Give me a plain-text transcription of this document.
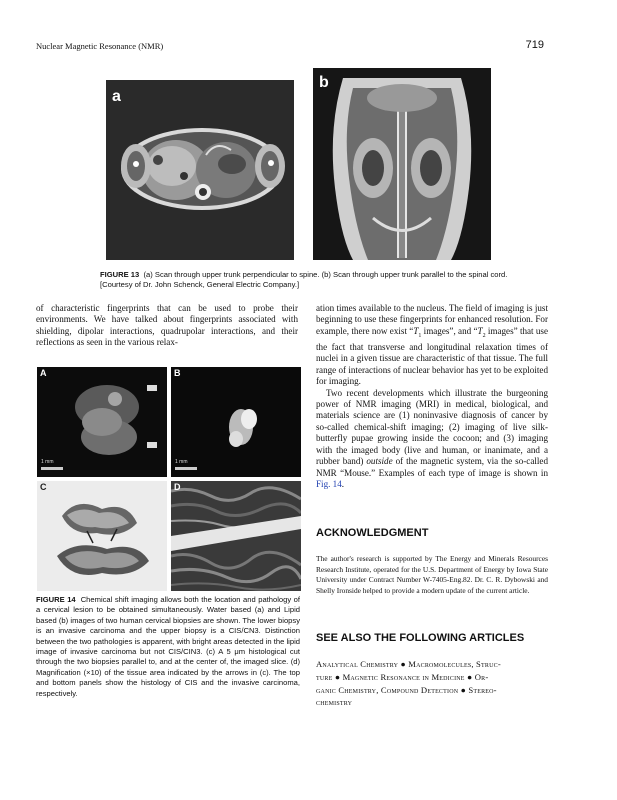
Nuclear Magnetic Resonance (NMR)	719
a
b
FIGURE 13 (a) Scan through upper trunk perpendicular to spine. (b) Scan through upper trunk parallel to the spinal cord. [Courtesy of Dr. John Schenck, General Electric Company.]

of characteristic fingerprints that can be used to probe their environments. We have talked about fingerprints associated with shielding, dipolar interactions, quadrupolar interactions, and their reflections as seen in the various relax-

A
1 mm
B
1 mm
C	D
FIGURE 14 Chemical shift imaging allows both the location and pathology of a cervical lesion to be obtained simultaneously. Water based (a) and Lipid based (b) images of two human cervical biopsies are shown. The lower biopsy is an invasive carcinoma and the upper biopsy is a CIS/CN3. Distinction between the two pathologies is apparent, with bright areas detected in the lipid image of invasive carcinoma but not CIS/CIN3. (c) A 5 μm histological cut through the two biopsies parallel to, and at the center of, the imaged slice. (d) Magnification (×10) of the tissue area indicated by the arrows in (c). The top and bottom panels show the histology of CIS and the invasive carcinoma, respectively.

ation times available to the nucleus. The field of imaging is just beginning to use these fingerprints for enhanced resolution. For example, there now exist “$T_1$ images”, and “$T_2$ images” that use the fact that transverse and longitudinal relaxation times of nuclei in a given tissue are characteristic of that tissue. The full range of interactions of nuclear behavior has yet to be exploited for imaging.

Two recent developments which illustrate the burgeoning power of NMR imaging (MRI) in medical, biological, and materials science are (1) noninvasive diagnosis of cancer by so-called chemical-shift imaging; (2) imaging of live silk-butterfly pupae growing inside the cocoon; and (3) imaging with the imaged body (live and human, or inanimate, and a rubber band) outside of the magnetic system, via the so-called NMR “Mouse.” Examples of each type of image is shown in Fig. 14.

ACKNOWLEDGMENT
The author's research is supported by The Energy and Minerals Resources Research Institute, operated for the U.S. Department of Energy by Iowa State University under Contract Number W-7405-Eng.82. Dr. C. R. Dybowski and Shelly Ironside helped to provide a modern update of the current article.
SEE ALSO THE FOLLOWING ARTICLES
Analytical Chemistry ● Macromolecules, Struc-
ture ● Magnetic Resonance in Medicine ● Or-
ganic Chemistry, Compound Detection ● Stereo-
chemistry
